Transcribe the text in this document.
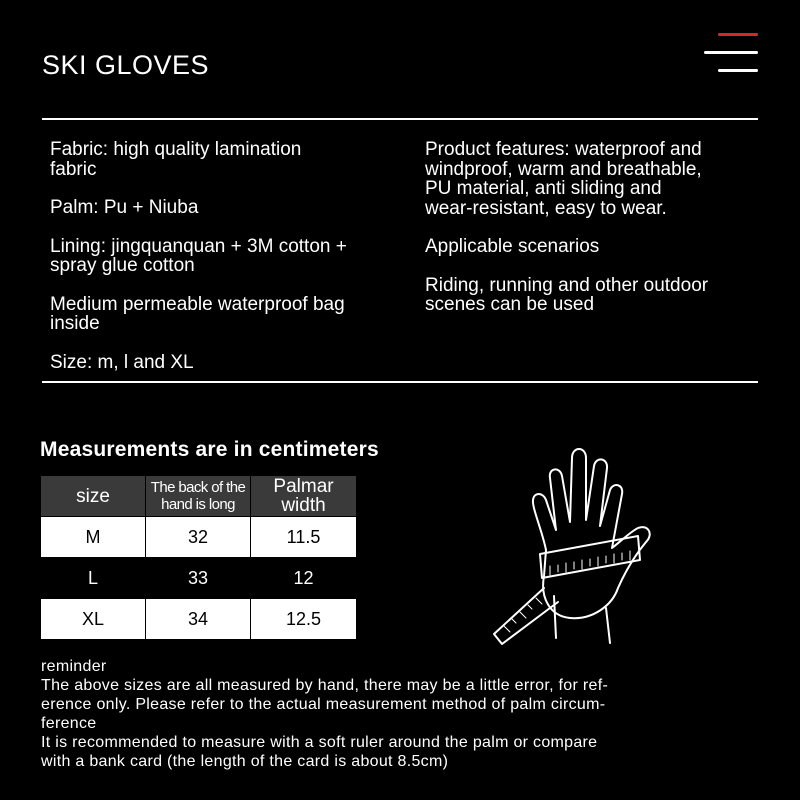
SKI GLOVES

Fabric: high quality lamination
fabric

Palm: Pu + Niuba

Lining: jingquanquan + 3M cotton +
spray glue cotton

Medium permeable waterproof bag
inside

Size: m, l and XL

Product features: waterproof and
windproof, warm and breathable,
PU material, anti sliding and
wear-resistant, easy to wear.

Applicable scenarios

Riding, running and other outdoor
scenes can be used

Measurements are in centimeters
size	The back of the hand is long	Palmar width
M	32	11.5
L	33	12
XL	34	12.5
reminder
The above sizes are all measured by hand, there may be a little error, for ref-
erence only. Please refer to the actual measurement method of palm circum-
ference
It is recommended to measure with a soft ruler around the palm or compare
with a bank card (the length of the card is about 8.5cm)
